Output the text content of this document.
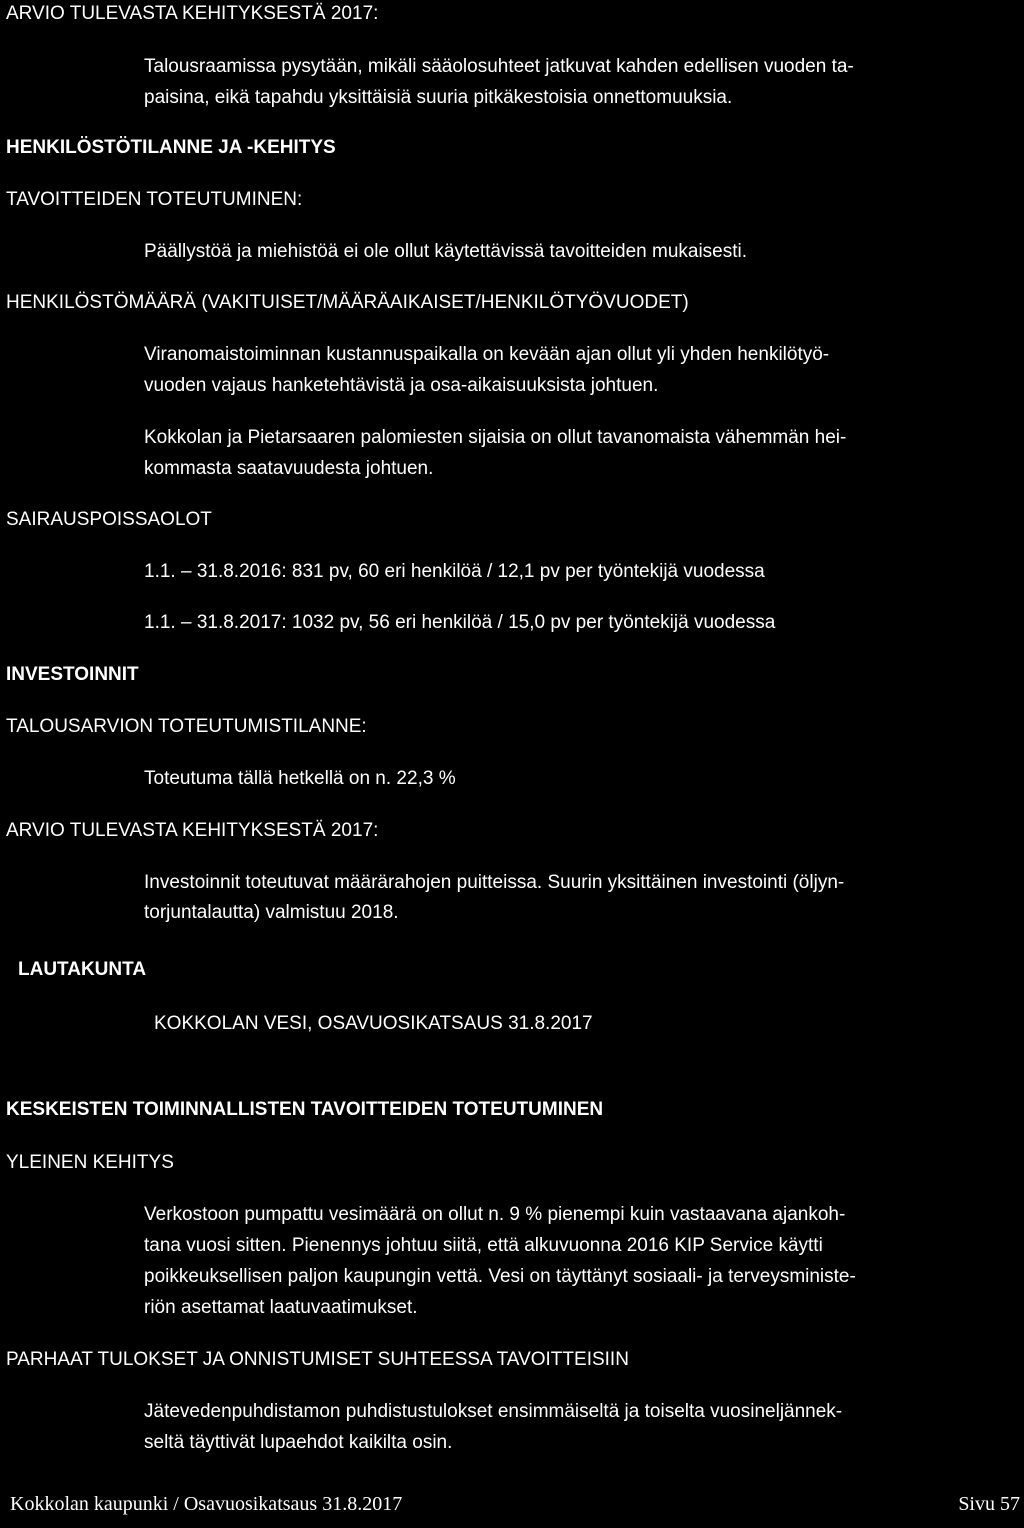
ARVIO TULEVASTA KEHITYKSESTÄ 2017:
Talousraamissa pysytään, mikäli sääolosuhteet jatkuvat kahden edellisen vuoden ta-
paisina, eikä tapahdu yksittäisiä suuria pitkäkestoisia onnettomuuksia.
HENKILÖSTÖTILANNE JA -KEHITYS
TAVOITTEIDEN TOTEUTUMINEN:
Päällystöä ja miehistöä ei ole ollut käytettävissä tavoitteiden mukaisesti.
HENKILÖSTÖMÄÄRÄ (VAKITUISET/MÄÄRÄAIKAISET/HENKILÖTYÖVUODET)
Viranomaistoiminnan kustannuspaikalla on kevään ajan ollut yli yhden henkilötyö-
vuoden vajaus hanketehtävistä ja osa-aikaisuuksista johtuen.
Kokkolan ja Pietarsaaren palomiesten sijaisia on ollut tavanomaista vähemmän hei-
kommasta saatavuudesta johtuen.
SAIRAUSPOISSAOLOT
1.1. – 31.8.2016: 831 pv, 60 eri henkilöä / 12,1 pv per työntekijä vuodessa
1.1. – 31.8.2017: 1032 pv, 56 eri henkilöä / 15,0 pv per työntekijä vuodessa
INVESTOINNIT
TALOUSARVION TOTEUTUMISTILANNE:
Toteutuma tällä hetkellä on n. 22,3 %
ARVIO TULEVASTA KEHITYKSESTÄ 2017:
Investoinnit toteutuvat määrärahojen puitteissa. Suurin yksittäinen investointi (öljyn-
torjuntalautta) valmistuu 2018.
LAUTAKUNTA
KOKKOLAN VESI, OSAVUOSIKATSAUS 31.8.2017
KESKEISTEN TOIMINNALLISTEN TAVOITTEIDEN TOTEUTUMINEN
YLEINEN KEHITYS
Verkostoon pumpattu vesimäärä on ollut n. 9 % pienempi kuin vastaavana ajankoh-
tana vuosi sitten. Pienennys johtuu siitä, että alkuvuonna 2016 KIP Service käytti
poikkeuksellisen paljon kaupungin vettä. Vesi on täyttänyt sosiaali- ja terveysministe-
riön asettamat laatuvaatimukset.
PARHAAT TULOKSET JA ONNISTUMISET SUHTEESSA TAVOITTEISIIN
Jätevedenpuhdistamon puhdistustulokset ensimmäiseltä ja toiselta vuosineljännek-
seltä täyttivät lupaehdot kaikilta osin.
Kokkolan kaupunki / Osavuosikatsaus 31.8.2017	Sivu 57
